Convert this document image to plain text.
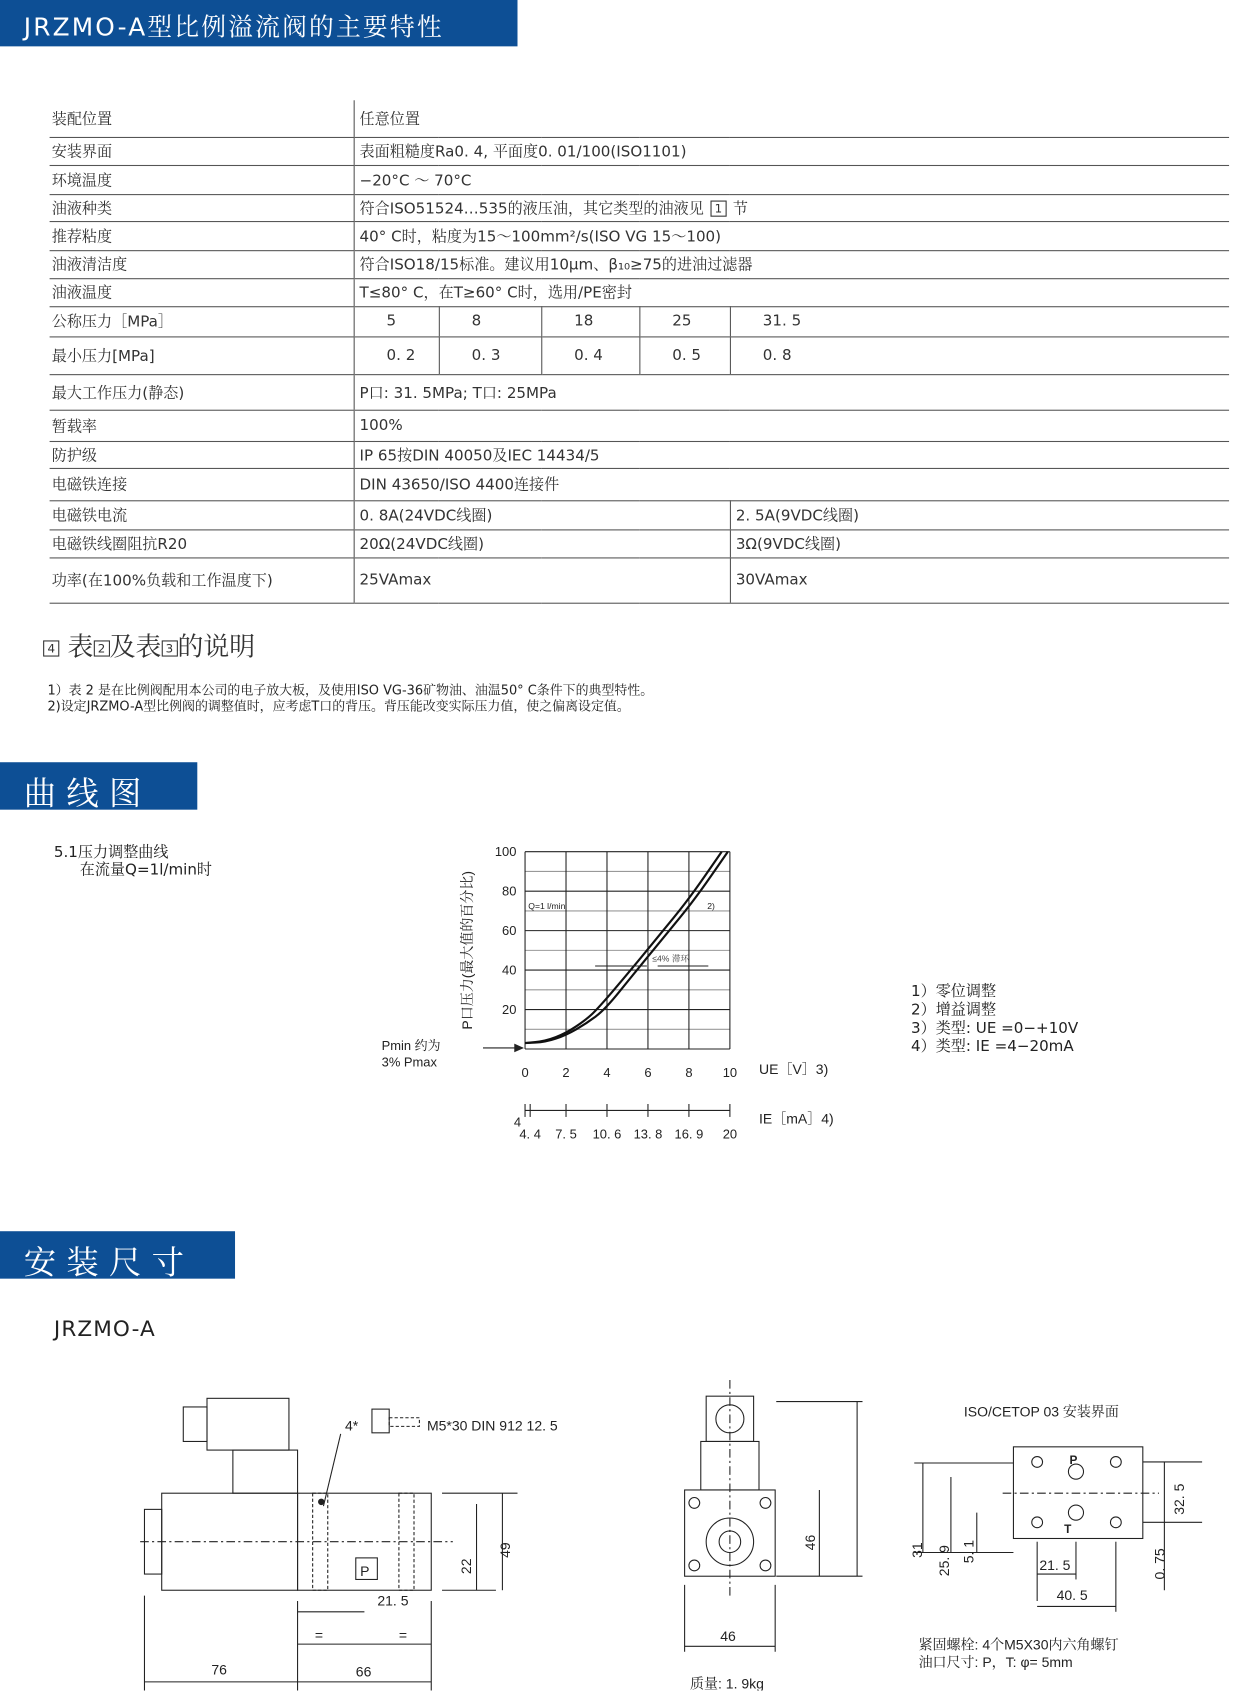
JRZMO-A型比例溢流阀的主要特性
装配位置	任意位置				
安装界面	表面粗糙度Ra0. 4, 平面度0. 01/100(ISO1101)				
环境温度	−20°C ～ 70°C				
油液种类	符合ISO51524…535的液压油，其它类型的油液见 1 节				
推荐粘度	40° C时，粘度为15～100mm²/s(ISO VG 15～100)				
油液清洁度	符合ISO18/15标准。建议用10μm、β₁₀≥75的进油过滤器				
油液温度	T≤80° C，在T≥60° C时，选用/PE密封				
公称压力［MPa］	5	8	18	25	31. 5
最小压力[MPa]	0. 2	0. 3	0. 4	0. 5	0. 8
最大工作压力(静态)	P口: 31. 5MPa; T口: 25MPa				
暂载率	100%				
防护级	IP 65按DIN 40050及IEC 14434/5				
电磁铁连接	DIN 43650/ISO 4400连接件				
电磁铁电流	0. 8A(24VDC线圈)				2. 5A(9VDC线圈)
电磁铁线圈阻抗R20	20Ω(24VDC线圈)				3Ω(9VDC线圈)
功率(在100%负载和工作温度下)	25VAmax				30VAmax
4 表 2 及表 3 的说明
1）表 2 是在比例阀配用本公司的电子放大板，及使用ISO VG-36矿物油、油温50° C条件下的典型特性。
2)设定JRZMO-A型比例阀的调整值时，应考虑T口的背压。背压能改变实际压力值，使之偏离设定值。
曲 线 图
5.1压力调整曲线
在流量Q=1l/min时
20
40
60
80
100
0	2	4	6	8	10
P口压力(最大值的百分比)
UE［V］3)
Q=1 l/min	2)
≤4% 滞环
Pmin 约为
3% Pmax
4
4. 4 7. 5 10. 6 13. 8 16. 9 20
IE［mA］4)
1）零位调整
2）增益调整
3）类型: UE =0−+10V
4）类型: IE =4−20mA
安 装 尺 寸
JRZMO-A
4*	M5*30 DIN 912 12. 5
P	22
49
21. 5
76	66
=	=
46
46
质量: 1. 9kg
ISO/CETOP 03 安装界面
P
T
31 25. 9 5. 1
21. 5
40. 5
32. 5
0. 75
紧固螺栓: 4个M5X30内六角螺钉
油口尺寸: P，T: φ= 5mm
